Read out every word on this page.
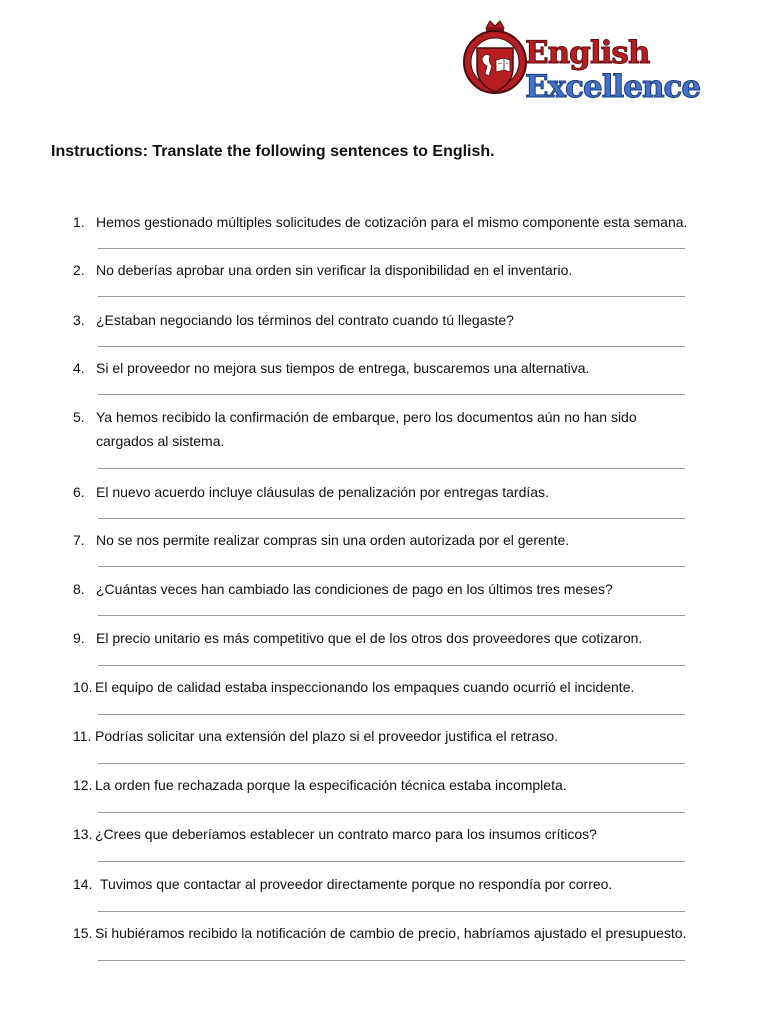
English
Excellence
Instructions: Translate the following sentences to English.
1. Hemos gestionado múltiples solicitudes de cotización para el mismo componente esta semana.
2. No deberías aprobar una orden sin verificar la disponibilidad en el inventario.
3. ¿Estaban negociando los términos del contrato cuando tú llegaste?
4. Si el proveedor no mejora sus tiempos de entrega, buscaremos una alternativa.
5. Ya hemos recibido la confirmación de embarque, pero los documentos aún no han sido cargados al sistema.
6. El nuevo acuerdo incluye cláusulas de penalización por entregas tardías.
7. No se nos permite realizar compras sin una orden autorizada por el gerente.
8. ¿Cuántas veces han cambiado las condiciones de pago en los últimos tres meses?
9. El precio unitario es más competitivo que el de los otros dos proveedores que cotizaron.
10. El equipo de calidad estaba inspeccionando los empaques cuando ocurrió el incidente.
11. Podrías solicitar una extensión del plazo si el proveedor justifica el retraso.
12. La orden fue rechazada porque la especificación técnica estaba incompleta.
13. ¿Crees que deberíamos establecer un contrato marco para los insumos críticos?
14. Tuvimos que contactar al proveedor directamente porque no respondía por correo.
15. Si hubiéramos recibido la notificación de cambio de precio, habríamos ajustado el presupuesto.
